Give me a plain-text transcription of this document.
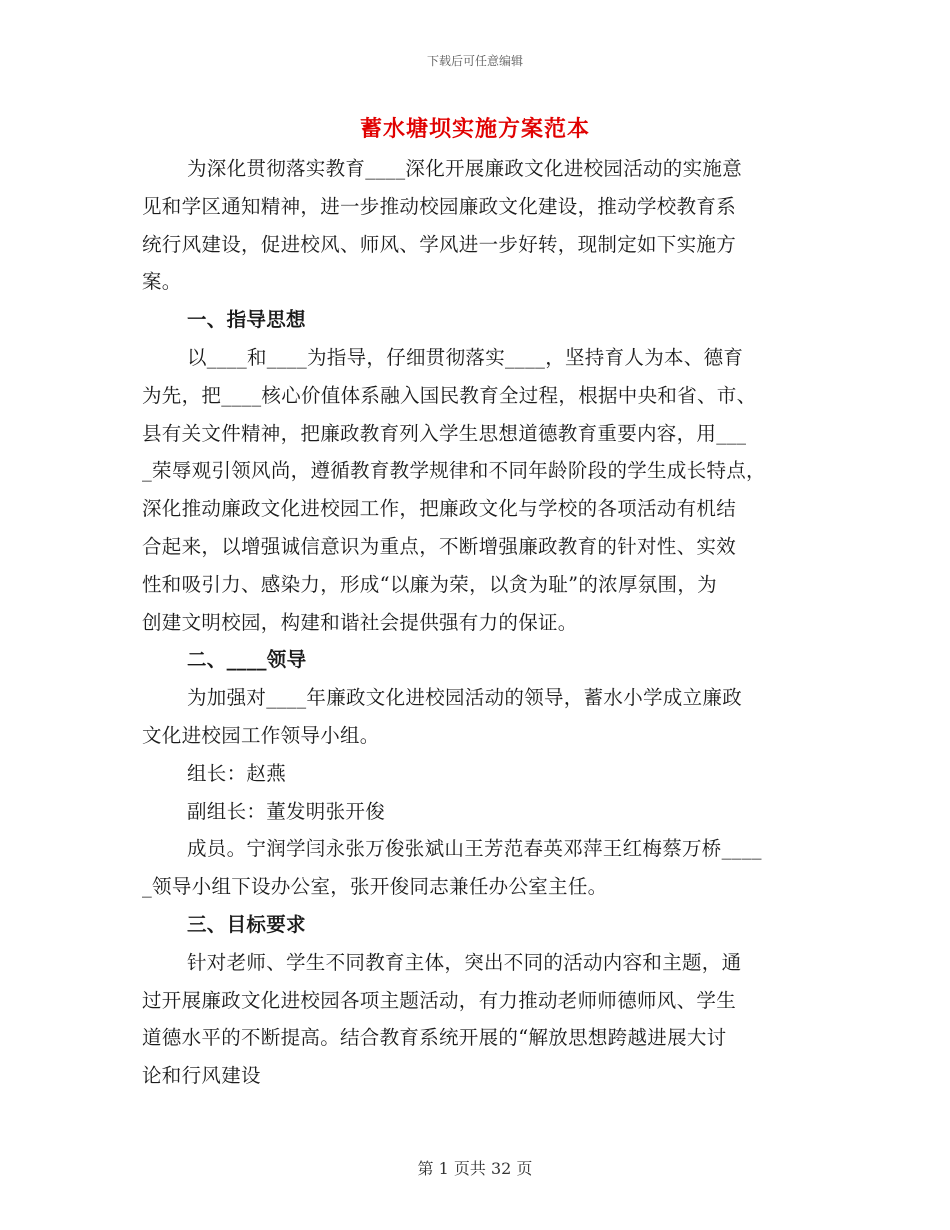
下载后可任意编辑
蓄水塘坝实施方案范本
为深化贯彻落实教育____深化开展廉政文化进校园活动的实施意
见和学区通知精神，进一步推动校园廉政文化建设，推动学校教育系
统行风建设，促进校风、师风、学风进一步好转，现制定如下实施方
案。
一、指导思想
以____和____为指导，仔细贯彻落实____，坚持育人为本、德育
为先，把____核心价值体系融入国民教育全过程，根据中央和省、市、
县有关文件精神，把廉政教育列入学生思想道德教育重要内容，用___
_荣辱观引领风尚，遵循教育教学规律和不同年龄阶段的学生成长特点，
深化推动廉政文化进校园工作，把廉政文化与学校的各项活动有机结
合起来，以增强诚信意识为重点，不断增强廉政教育的针对性、实效
性和吸引力、感染力，形成“以廉为荣，以贪为耻”的浓厚氛围，为
创建文明校园，构建和谐社会提供强有力的保证。
二、____领导
为加强对____年廉政文化进校园活动的领导，蓄水小学成立廉政
文化进校园工作领导小组。
组长：赵燕
副组长：董发明张开俊
成员。宁润学闫永张万俊张斌山王芳范春英邓萍王红梅蔡万桥____
_领导小组下设办公室，张开俊同志兼任办公室主任。
三、目标要求
针对老师、学生不同教育主体，突出不同的活动内容和主题，通
过开展廉政文化进校园各项主题活动，有力推动老师师德师风、学生
道德水平的不断提高。结合教育系统开展的“解放思想跨越进展大讨
论和行风建设
第 1 页共 32 页
